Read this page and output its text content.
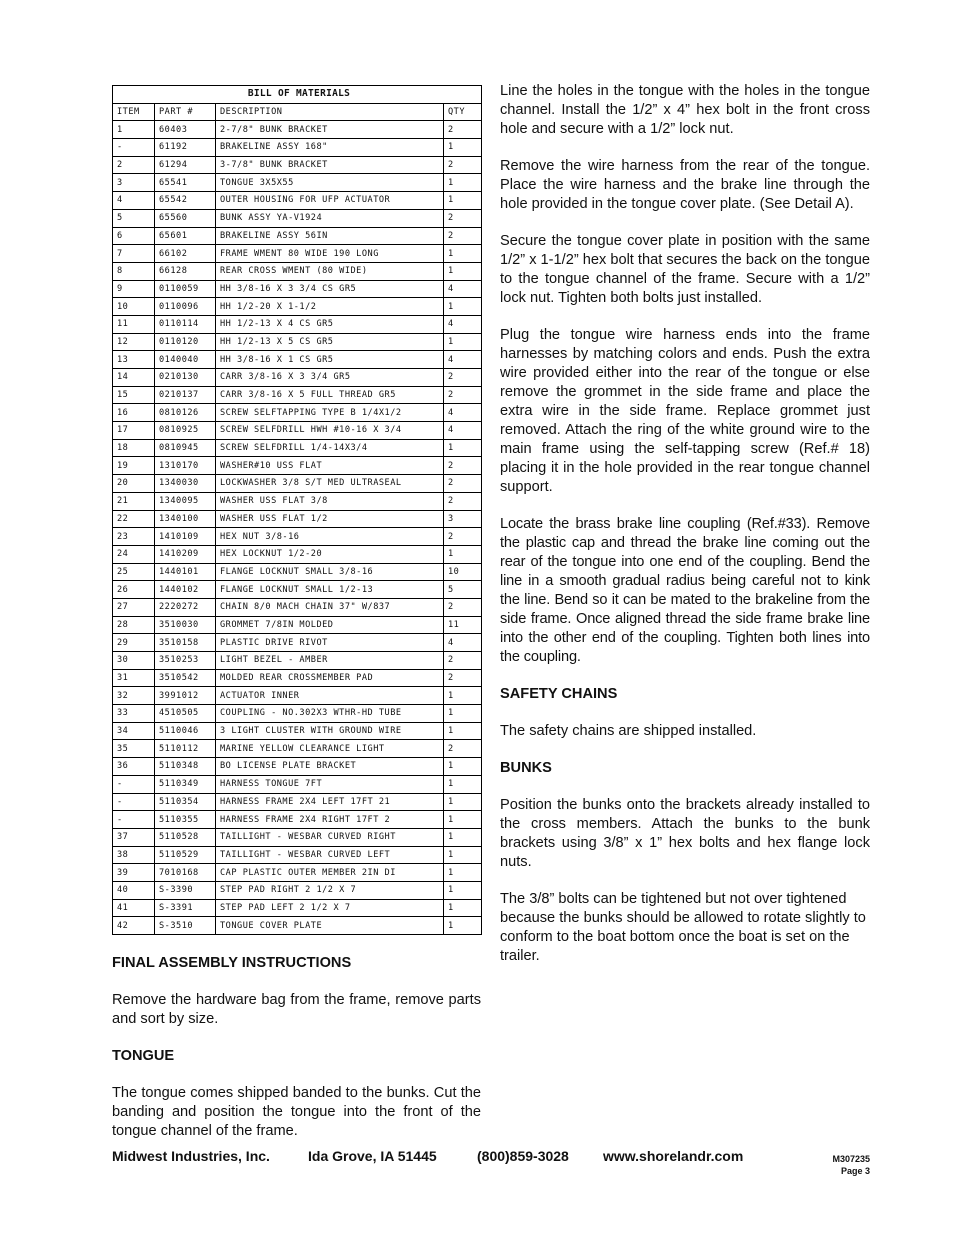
BILL OF MATERIALS			
ITEM	PART #	DESCRIPTION	QTY
1	60403	2-7/8" BUNK BRACKET	2
-	61192	BRAKELINE ASSY 168"	1
2	61294	3-7/8" BUNK BRACKET	2
3	65541	TONGUE 3X5X55	1
4	65542	OUTER HOUSING FOR UFP ACTUATOR	1
5	65560	BUNK ASSY YA-V1924	2
6	65601	BRAKELINE ASSY 56IN	2
7	66102	FRAME WMENT 80 WIDE 190 LONG	1
8	66128	REAR CROSS WMENT (80 WIDE)	1
9	0110059	HH 3/8-16 X 3 3/4 CS GR5	4
10	0110096	HH 1/2-20 X 1-1/2	1
11	0110114	HH 1/2-13 X 4 CS GR5	4
12	0110120	HH 1/2-13 X 5 CS GR5	1
13	0140040	HH 3/8-16 X 1 CS GR5	4
14	0210130	CARR 3/8-16 X 3 3/4 GR5	2
15	0210137	CARR 3/8-16 X 5 FULL THREAD GR5	2
16	0810126	SCREW SELFTAPPING TYPE B 1/4X1/2	4
17	0810925	SCREW SELFDRILL HWH #10-16 X 3/4	4
18	0810945	SCREW SELFDRILL 1/4-14X3/4	1
19	1310170	WASHER#10 USS FLAT	2
20	1340030	LOCKWASHER 3/8 S/T MED ULTRASEAL	2
21	1340095	WASHER USS FLAT 3/8	2
22	1340100	WASHER USS FLAT 1/2	3
23	1410109	HEX NUT 3/8-16	2
24	1410209	HEX LOCKNUT 1/2-20	1
25	1440101	FLANGE LOCKNUT SMALL 3/8-16	10
26	1440102	FLANGE LOCKNUT SMALL 1/2-13	5
27	2220272	CHAIN 8/0 MACH CHAIN 37" W/837	2
28	3510030	GROMMET 7/8IN MOLDED	11
29	3510158	PLASTIC DRIVE RIVOT	4
30	3510253	LIGHT BEZEL - AMBER	2
31	3510542	MOLDED REAR CROSSMEMBER PAD	2
32	3991012	ACTUATOR INNER	1
33	4510505	COUPLING - NO.302X3 WTHR-HD TUBE	1
34	5110046	3 LIGHT CLUSTER WITH GROUND WIRE	1
35	5110112	MARINE YELLOW CLEARANCE LIGHT	2
36	5110348	BO LICENSE PLATE BRACKET	1
-	5110349	HARNESS TONGUE 7FT	1
-	5110354	HARNESS FRAME 2X4 LEFT 17FT 21	1
-	5110355	HARNESS FRAME 2X4 RIGHT 17FT 2	1
37	5110528	TAILLIGHT - WESBAR CURVED RIGHT	1
38	5110529	TAILLIGHT - WESBAR CURVED LEFT	1
39	7010168	CAP PLASTIC OUTER MEMBER 2IN DI	1
40	S-3390	STEP PAD RIGHT 2 1/2 X 7	1
41	S-3391	STEP PAD LEFT 2 1/2 X 7	1
42	S-3510	TONGUE COVER PLATE	1

FINAL ASSEMBLY INSTRUCTIONS

Remove the hardware bag from the frame, remove parts and sort by size.

TONGUE

The tongue comes shipped banded to the bunks. Cut the banding and position the tongue into the front of the tongue channel of the frame.

Line the holes in the tongue with the holes in the tongue channel. Install the 1/2” x 4” hex bolt in the front cross hole and secure with a 1/2” lock nut.

Remove the wire harness from the rear of the tongue. Place the wire harness and the brake line through the hole provided in the tongue cover plate. (See Detail A).

Secure the tongue cover plate in position with the same 1/2” x 1-1/2” hex bolt that secures the back on the tongue to the tongue channel of the frame. Secure with a 1/2” lock nut. Tighten both bolts just installed.

Plug the tongue wire harness ends into the frame harnesses by matching colors and ends. Push the extra wire provided either into the rear of the tongue or else remove the grommet in the side frame and place the extra wire in the side frame. Replace grommet just removed. Attach the ring of the white ground wire to the main frame using the self-tapping screw (Ref.# 18) placing it in the hole provided in the rear tongue channel support.

Locate the brass brake line coupling (Ref.#33). Remove the plastic cap and thread the brake line coming out the rear of the tongue into one end of the coupling. Bend the line in a smooth gradual radius being careful not to kink the line. Bend so it can be mated to the brakeline from the side frame. Once aligned thread the side frame brake line into the other end of the coupling. Tighten both lines into the coupling.

SAFETY CHAINS

The safety chains are shipped installed.

BUNKS

Position the bunks onto the brackets already installed to the cross members. Attach the bunks to the bunk brackets using 3/8” x 1” hex bolts and hex flange lock nuts.

The 3/8” bolts can be tightened but not over tightened because the bunks should be allowed to rotate slightly to conform to the boat bottom once the boat is set on the trailer.

Midwest Industries, Inc.	Ida Grove, IA 51445	(800)859-3028 www.shorelandr.com	M307235
Page 3
